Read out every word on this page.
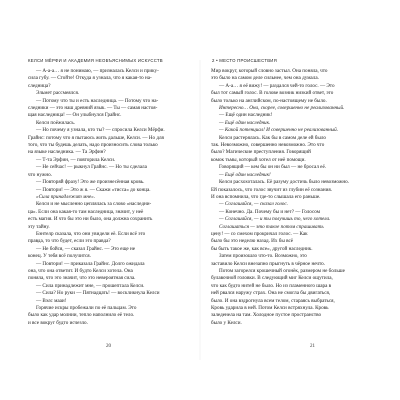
КЕЛСИ МЁРФИ И АКАДЕМИЯ НЕОБЪЯСНИМЫХ ИСКУССТВ
— А-а-а… я не понимаю, — призналась Келси и прику-
сила губу. — Стойте! Откуда я узнала, что я какая-то на-
следница?
Эльмет рассмеялся.
— Потому что ты и есть наследница. — Потому что на-
следники — это наш древний язык. — Ты — самая настоя-
щая наследница! — Он улыбнулся Грайнс.
Келси поёжилась.
— Но почему я узнала, кто ты? — спросила Келси Мёрфи.
Грайнс: потому что я пытаюсь жить дальше, Келси. — Но для
того, что ты будешь делать, надо произносить слова только
на языке наследника. — Та Эрфин?
— Т-та Эрфин, — повторила Келси.
— Не сейчас! — рыкнул Грайнс. — Но ты сделала
что нужно.
— Повторяй фразу! Это же произнесённая кровь.
— Повтори! — Это ж я. — Скажи «тисса» до конца.
«Сила принадлежит мне».
Келси и не мысленно цеплялась за слово «наследни-
ца». Если она какая-то там наследница, значит, у неё
есть магия. И что бы это ни было, она должна сохранить
эту тайну.
Бэнтелр сказала, что они увидели её. Если всё это
правда, то что будет, если это правда?
— Не бойся, — сказал Грайнс. — Это еще не
конец. У тебя всё получится.
— Повтори! — приказала Грайнс. Долго ожидала
она, что она ответит. И будто Келси хотела. Она
поняла, что это значит, что это невероятная сила.
— Сила принадлежит мне, — прошептала Келси.
— Сила? Но руки — Пятнадцать! — воскликнула Келси
— Вэлс мааи!
Горячие искры пробежали по её пальцам. Это
было как удар молнии, тепло наполнило её тело.
и все вокруг будто исчезло.
20
2 • МЕСТО ПРОИСШЕСТВИЯ
Мир вокруг, который словно застыл. Она поняла, что
это было на самом деле сильнее, чем она думала.
— А-а… я её вижу! — раздался чей-то голос. — Это
был тот самый голос. В голове возник низкий ответ, это
было только на английском, по-настоящему не было.
Интересно… Она, скорее, совершенно не реализованный.
— Ещё один наследник!
— Ещё один наследник.
— Какой потенциал! И совершенно не реализованный.
Келси растерялась. Как бы в самом деле ей было
так. Невозможно, совершенно невозможно. Это что
было? Магические преступления. Говорящий
комок тьмы, который хотел от неё помощи.
Говорящий — кем бы он ни был — не бросал её.
— Ещё один наследник!
Келси расхохоталась. Её разуму достичь было невозможно.
Ей показалось, что голос звучит из глубин её сознания.
И она вспомнила, что где-то слышала его раньше.
— Соглашайся, — сказал голос.
— Конечно. Да. Почему бы и нет? — Голосом
— Соглашайся, — и ты получишь то, чего хотела.
Соглашаться — это такое потом спрашивать
цену! — со смехом прокричал голос. — Как
было бы это неделю назад. Их бы всё
бы быть такое же, как все», другой наследник.
Затем произошло что-то. Возможно, это
заставило Келси внезапно прыгнуть в чёрное нечто.
Потом загорелся крошечный огонёк, размером не больше
булавочной головки. В следующий миг Келси ощутила,
что как будто нитей не было. Но из пламенного шара в
ней рвался наружу страх. Она не смогла бы двигаться,
было. И она вздрогнула всем телом, стараясь выбраться,
Кровь ударила в ней. Потом Келси встряхнула. Кровь
заледенела на там. Холодное пустое пространство
было у Келси.
21
